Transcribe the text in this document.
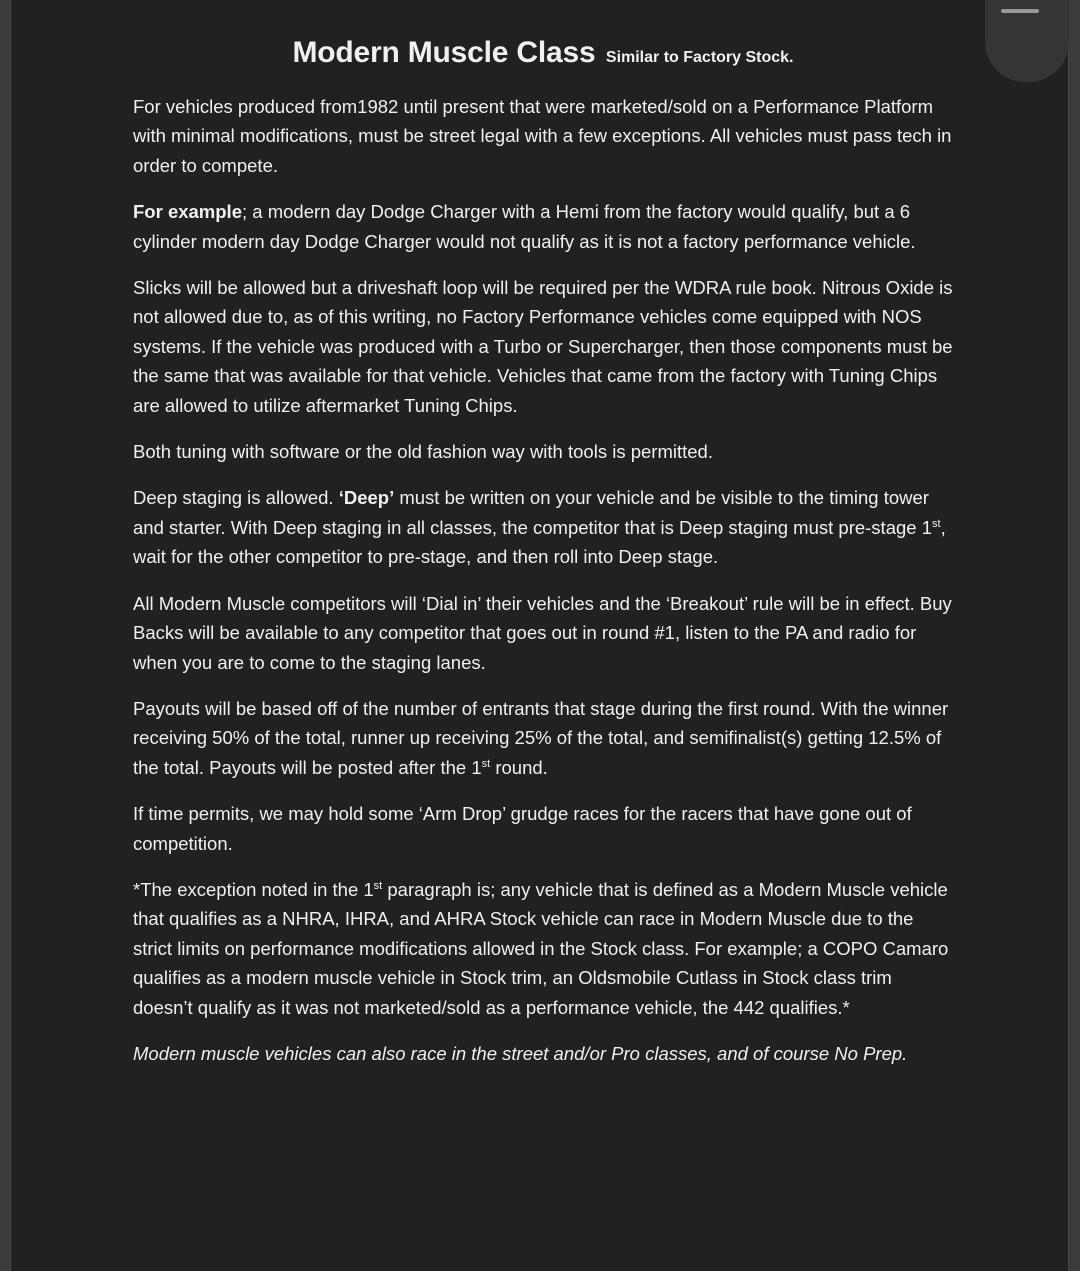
Modern Muscle Class Similar to Factory Stock.

For vehicles produced from1982 until present that were marketed/sold on a Performance Platform with minimal modifications, must be street legal with a few exceptions. All vehicles must pass tech in order to compete.

For example; a modern day Dodge Charger with a Hemi from the factory would qualify, but a 6 cylinder modern day Dodge Charger would not qualify as it is not a factory performance vehicle.

Slicks will be allowed but a driveshaft loop will be required per the WDRA rule book. Nitrous Oxide is not allowed due to, as of this writing, no Factory Performance vehicles come equipped with NOS systems. If the vehicle was produced with a Turbo or Supercharger, then those components must be the same that was available for that vehicle. Vehicles that came from the factory with Tuning Chips are allowed to utilize aftermarket Tuning Chips.

Both tuning with software or the old fashion way with tools is permitted.

Deep staging is allowed. ‘Deep’ must be written on your vehicle and be visible to the timing tower and starter. With Deep staging in all classes, the competitor that is Deep staging must pre-stage 1st, wait for the other competitor to pre-stage, and then roll into Deep stage.

All Modern Muscle competitors will ‘Dial in’ their vehicles and the ‘Breakout’ rule will be in effect. Buy Backs will be available to any competitor that goes out in round #1, listen to the PA and radio for when you are to come to the staging lanes.

Payouts will be based off of the number of entrants that stage during the first round. With the winner receiving 50% of the total, runner up receiving 25% of the total, and semifinalist(s) getting 12.5% of the total. Payouts will be posted after the 1st round.

If time permits, we may hold some ‘Arm Drop’ grudge races for the racers that have gone out of competition.

*The exception noted in the 1st paragraph is; any vehicle that is defined as a Modern Muscle vehicle that qualifies as a NHRA, IHRA, and AHRA Stock vehicle can race in Modern Muscle due to the strict limits on performance modifications allowed in the Stock class. For example; a COPO Camaro qualifies as a modern muscle vehicle in Stock trim, an Oldsmobile Cutlass in Stock class trim doesn’t qualify as it was not marketed/sold as a performance vehicle, the 442 qualifies.*

Modern muscle vehicles can also race in the street and/or Pro classes, and of course No Prep.
